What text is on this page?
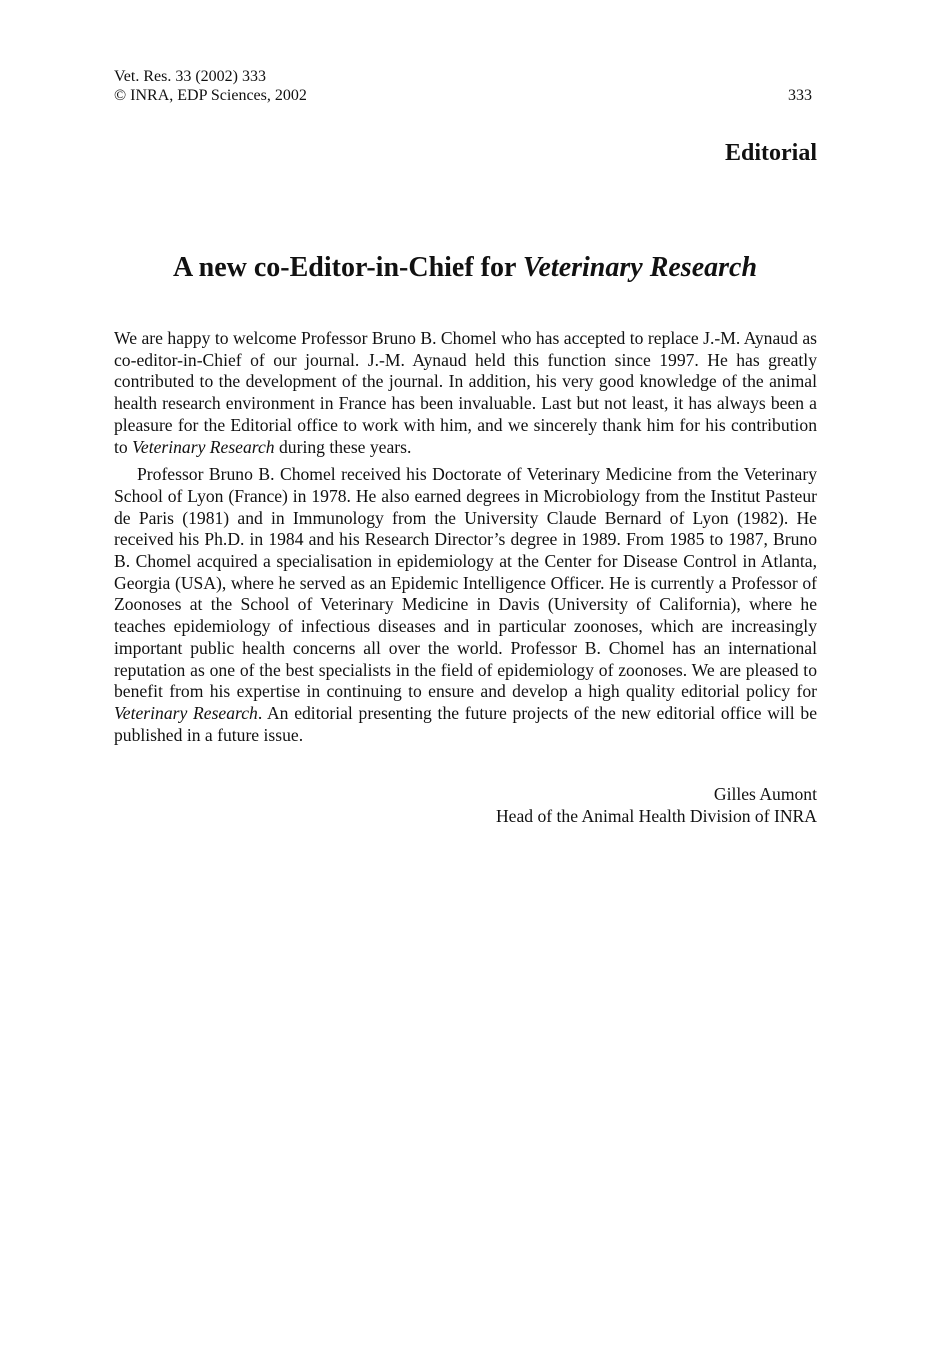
Vet. Res. 33 (2002) 333
© INRA, EDP Sciences, 2002	333
Editorial
A new co-Editor-in-Chief for Veterinary Research

We are happy to welcome Professor Bruno B. Chomel who has accepted to replace J.-M. Aynaud as co-editor-in-Chief of our journal. J.-M. Aynaud held this function since 1997. He has greatly contributed to the development of the journal. In addition, his very good knowledge of the animal health research environment in France has been invaluable. Last but not least, it has always been a pleasure for the Editorial office to work with him, and we sincerely thank him for his contribution to Veterinary Research during these years.

Professor Bruno B. Chomel received his Doctorate of Veterinary Medicine from the Veterinary School of Lyon (France) in 1978. He also earned degrees in Microbiology from the Institut Pasteur de Paris (1981) and in Immunology from the University Claude Bernard of Lyon (1982). He received his Ph.D. in 1984 and his Research Director’s degree in 1989. From 1985 to 1987, Bruno B. Chomel acquired a specialisation in epidemiology at the Center for Disease Control in Atlanta, Georgia (USA), where he served as an Epidemic Intelligence Officer. He is currently a Professor of Zoonoses at the School of Veterinary Medicine in Davis (University of California), where he teaches epidemiology of infectious diseases and in particular zoonoses, which are increasingly important public health concerns all over the world. Professor B. Chomel has an international reputation as one of the best specialists in the field of epidemiology of zoonoses. We are pleased to benefit from his expertise in continuing to ensure and develop a high quality editorial policy for Veterinary Research. An editorial presenting the future projects of the new editorial office will be published in a future issue.

Gilles Aumont
Head of the Animal Health Division of INRA
